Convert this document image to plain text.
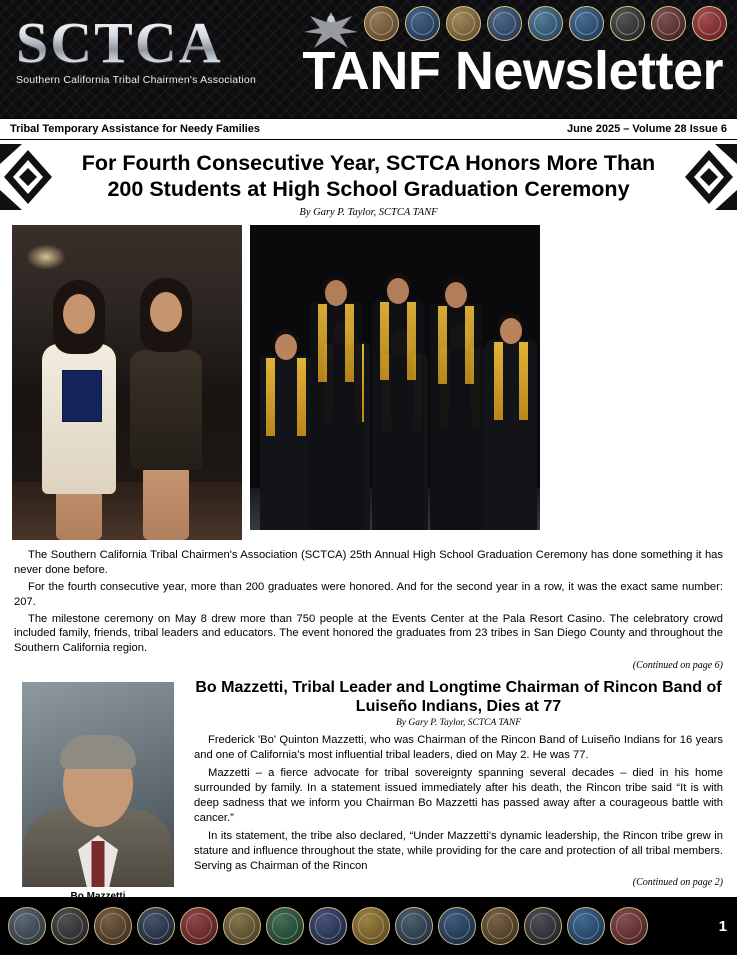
SCTCA
Southern California Tribal Chairmen's Association TANF Newsletter
Tribal Temporary Assistance for Needy Families	June 2025 – Volume 28 Issue 6
For Fourth Consecutive Year, SCTCA Honors More Than 200 Students at High School Graduation Ceremony
By Gary P. Taylor, SCTCA TANF

The Southern California Tribal Chairmen's Association (SCTCA) 25th Annual High School Graduation Ceremony has done something it has never done before.

For the fourth consecutive year, more than 200 graduates were honored. And for the second year in a row, it was the exact same number: 207.

The milestone ceremony on May 8 drew more than 750 people at the Events Center at the Pala Resort Casino. The celebratory crowd included family, friends, tribal leaders and educators. The event honored the graduates from 23 tribes in San Diego County and throughout the Southern California region.

(Continued on page 6)
Bo Mazzetti, Tribal Leader and Longtime Chairman of Rincon Band of Luiseño Indians, Dies at 77
By Gary P. Taylor, SCTCA TANF

Frederick 'Bo' Quinton Mazzetti, who was Chairman of the Rincon Band of Luiseño Indians for 16 years and one of California's most influential tribal leaders, died on May 2. He was 77.

Mazzetti – a fierce advocate for tribal sovereignty spanning several decades – died in his home surrounded by family. In a statement issued immediately after his death, the Rincon tribe said “It is with deep sadness that we inform you Chairman Bo Mazzetti has passed away after a courageous battle with cancer.”

In its statement, the tribe also declared, “Under Mazzetti's dynamic leadership, the Rincon tribe grew in stature and influence throughout the state, while providing for the care and protection of all tribal members. Serving as Chairman of the Rincon

(Continued on page 2)
1
